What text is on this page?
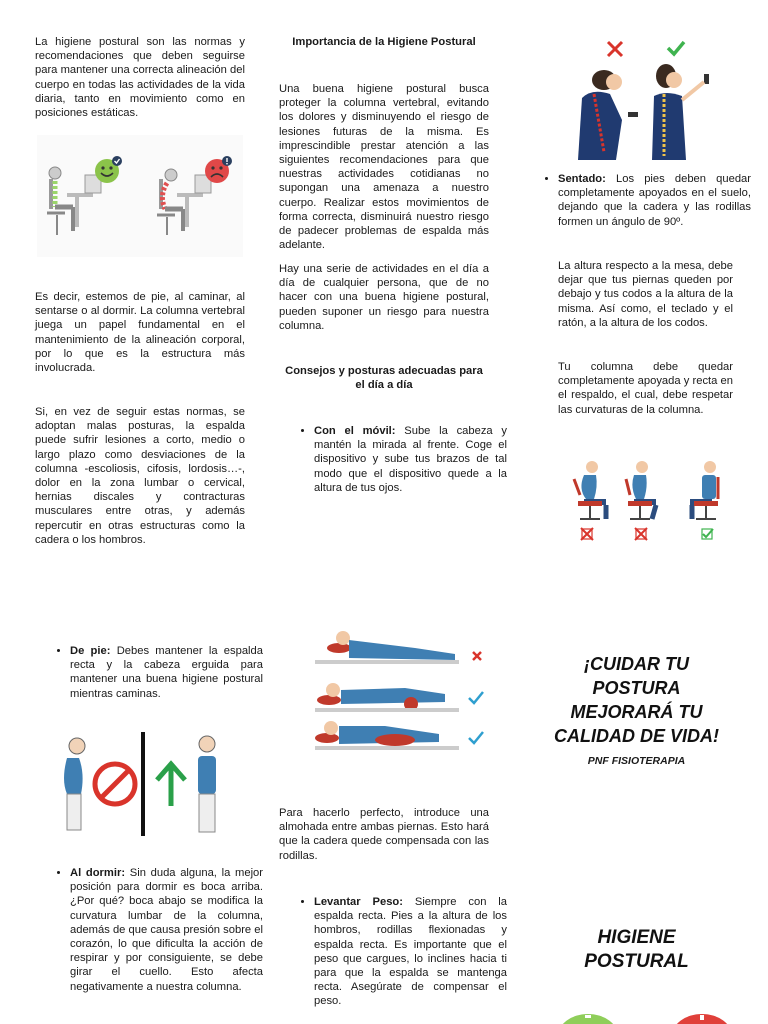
La higiene postural son las normas y recomendaciones que deben seguirse para mantener una correcta alineación del cuerpo en todas las actividades de la vida diaria, tanto en movimiento como en posiciones estáticas.

Es decir, estemos de pie, al caminar, al sentarse o al dormir. La columna vertebral juega un papel fundamental en el mantenimiento de la alineación corporal, por lo que es la estructura más involucrada.

Si, en vez de seguir estas normas, se adoptan malas posturas, la espalda puede sufrir lesiones a corto, medio o largo plazo como desviaciones de la columna -escoliosis, cifosis, lordosis…-, dolor en la zona lumbar o cervical, hernias discales y contracturas musculares entre otras, y además repercutir en otras estructuras como la cadera o los hombros.

• De pie: Debes mantener la espalda recta y la cabeza erguida para mantener una buena higiene postural mientras caminas.
• Al dormir: Sin duda alguna, la mejor posición para dormir es boca arriba. ¿Por qué? boca abajo se modifica la curvatura lumbar de la columna, además de que causa presión sobre el corazón, lo que dificulta la acción de respirar y por consiguiente, se debe girar el cuello. Esto afecta negativamente a nuestra columna.

Importancia de la Higiene Postural

Una buena higiene postural busca proteger la columna vertebral, evitando los dolores y disminuyendo el riesgo de lesiones futuras de la misma. Es imprescindible prestar atención a las siguientes recomendaciones para que nuestras actividades cotidianas no supongan una amenaza a nuestro cuerpo. Realizar estos movimientos de forma correcta, disminuirá nuestro riesgo de padecer problemas de espalda más adelante.

Hay una serie de actividades en el día a día de cualquier persona, que de no hacer con una buena higiene postural, pueden suponer un riesgo para nuestra columna.

Consejos y posturas adecuadas para el día a día

• Con el móvil: Sube la cabeza y mantén la mirada al frente. Coge el dispositivo y sube tus brazos de tal modo que el dispositivo quede a la altura de tus ojos.

Para hacerlo perfecto, introduce una almohada entre ambas piernas. Esto hará que la cadera quede compensada con las rodillas.

• Levantar Peso: Siempre con la espalda recta. Pies a la altura de los hombros, rodillas flexionadas y espalda recta. Es importante que el peso que cargues, lo inclines hacia ti para que la espalda se mantenga recta. Asegúrate de compensar el peso.
• Sentado: Los pies deben quedar completamente apoyados en el suelo, dejando que la cadera y las rodillas formen un ángulo de 90º.

La altura respecto a la mesa, debe dejar que tus piernas queden por debajo y tus codos a la altura de la misma. Así como, el teclado y el ratón, a la altura de los codos.

Tu columna debe quedar completamente apoyada y recta en el respaldo, el cual, debe respetar las curvaturas de la columna.

¡CUIDAR TU POSTURA MEJORARÁ TU CALIDAD DE VIDA!

PNF FISIOTERAPIA

HIGIENE POSTURAL
